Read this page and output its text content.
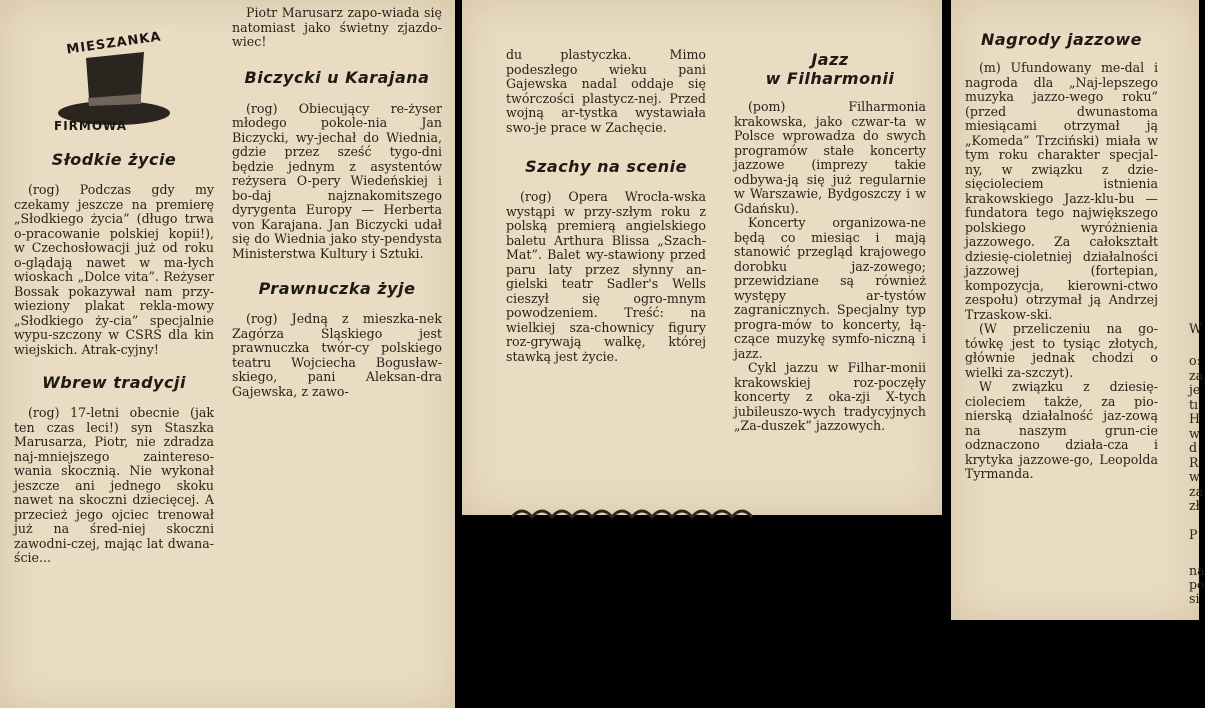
MIESZANKA
FIRMOWA
Słodkie życie

(rog) Podczas gdy my czekamy jeszcze na premierę „Słodkiego życia” (długo trwa o-pracowanie polskiej kopii!), w Czechosłowacji już od roku o-glądają nawet w ma-łych wioskach „Dolce vita”. Reżyser Bossak pokazywał nam przy-wieziony plakat rekla-mowy „Słodkiego ży-cia” specjalnie wypu-szczony w CSRS dla kin wiejskich. Atrak-cyjny!

Wbrew tradycji

(rog) 17-letni obecnie (jak ten czas leci!) syn Staszka Marusarza, Piotr, nie zdradza naj-mniejszego zaintereso-wania skocznią. Nie wykonał jeszcze ani jednego skoku nawet na skoczni dziecięcej. A przecież jego ojciec trenował już na śred-niej skoczni zawodni-czej, mając lat dwana-ście...

Piotr Marusarz zapo-wiada się natomiast jako świetny zjazdo-wiec!

Biczycki u Karajana

(rog) Obiecujący re-żyser młodego pokole-nia Jan Biczycki, wy-jechał do Wiednia, gdzie przez sześć tygo-dni będzie jednym z asystentów reżysera O-pery Wiedeńskiej i bo-daj najznakomitszego dyrygenta Europy — Herberta von Karajana. Jan Biczycki udał się do Wiednia jako sty-pendysta Ministerstwa Kultury i Sztuki.

Prawnuczka żyje

(rog) Jedną z mieszka-nek Zagórza Śląskiego jest prawnuczka twór-cy polskiego teatru Wojciecha Bogusław-skiego, pani Aleksan-dra Gajewska, z zawo-

du plastyczka. Mimo podeszłego wieku pani Gajewska nadal oddaje się twórczości plastycz-nej. Przed wojną ar-tystka wystawiała swo-je prace w Zachęcie.

Szachy na scenie

(rog) Opera Wrocła-wska wystąpi w przy-szłym roku z polską premierą angielskiego baletu Arthura Blissa „Szach-Mat”. Balet wy-stawiony przed paru laty przez słynny an-gielski teatr Sadler's Wells cieszył się ogro-mnym powodzeniem. Treść: na wielkiej sza-chownicy figury roz-grywają walkę, której stawką jest życie.

Jazz
w Filharmonii

(pom) Filharmonia krakowska, jako czwar-ta w Polsce wprowadza do swych programów stałe koncerty jazzowe (imprezy takie odbywa-ją się już regularnie w Warszawie, Bydgoszczy i w Gdańsku).

Koncerty organizowa-ne będą co miesiąc i mają stanowić przegląd krajowego dorobku jaz-zowego; przewidziane są również występy ar-tystów zagranicznych. Specjalny typ progra-mów to koncerty, łą-czące muzykę symfo-niczną i jazz.

Cykl jazzu w Filhar-monii krakowskiej roz-poczęły koncerty z oka-zji X-tych jubileuszo-wych tradycyjnych „Za-duszek” jazzowych.

Nagrody jazzowe

(m) Ufundowany me-dal i nagroda dla „Naj-lepszego muzyka jazzo-wego roku” (przed dwunastoma miesiącami otrzymał ją „Komeda” Trzciński) miała w tym roku charakter specjal-ny, w związku z dzie-sięcioleciem istnienia krakowskiego Jazz-klu-bu — fundatora tego największego polskiego wyróżnienia jazzowego. Za całokształt dziesię-cioletniej działalności jazzowej (fortepian, kompozycja, kierowni-ctwo zespołu) otrzymał ją Andrzej Trzaskow-ski.

(W przeliczeniu na go-tówkę jest to tysiąc złotych, głównie jednak chodzi o wielki za-szczyt).

W związku z dziesię-cioleciem także, za pio-nierską działalność jaz-zową na naszym grun-cie odznaczono działa-cza i krytyka jazzowe-go, Leopolda Tyrmanda.

W
o:
za
je
tı
H
w
d
R
w
za
zł
P
na
pe
si
